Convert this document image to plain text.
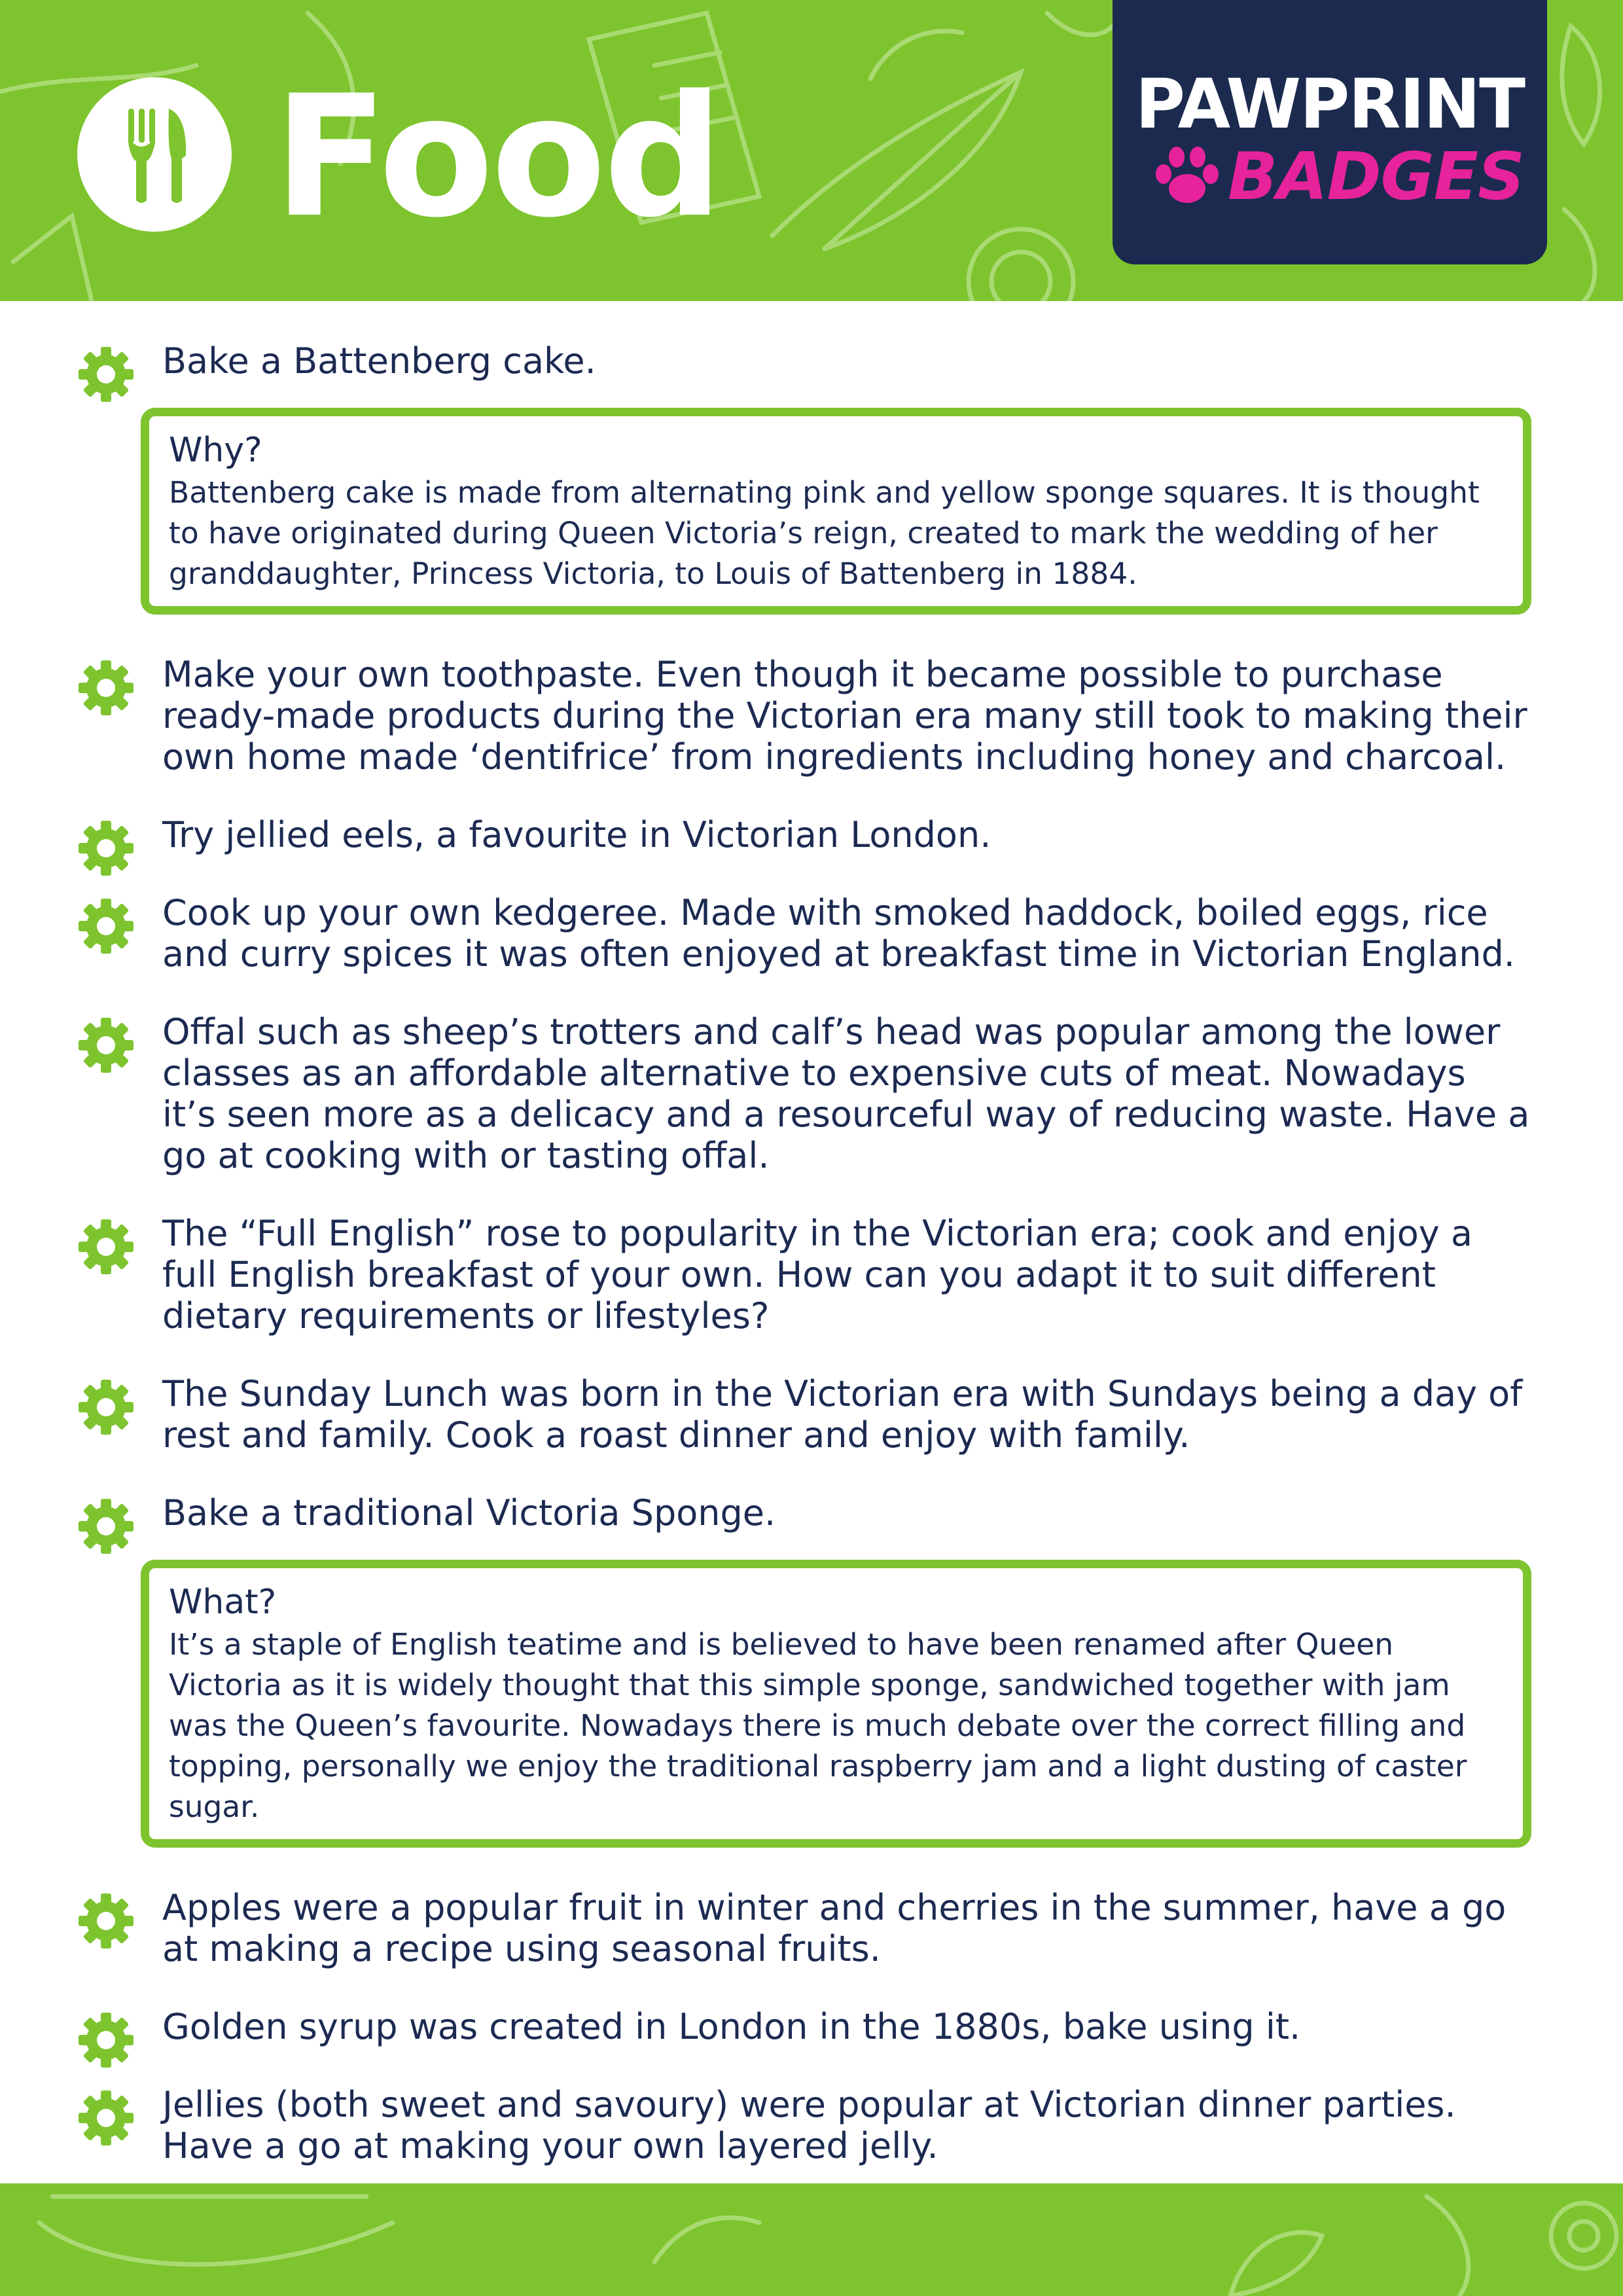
Food	PAWPRINT
BADGES

Bake a Battenberg cake.

Why?

Battenberg cake is made from alternating pink and yellow sponge squares. It is thought to have originated during Queen Victoria’s reign, created to mark the wedding of her granddaughter, Princess Victoria, to Louis of Battenberg in 1884.

Make your own toothpaste. Even though it became possible to purchase ready-made products during the Victorian era many still took to making their own home made ‘dentifrice’ from ingredients including honey and charcoal.

Try jellied eels, a favourite in Victorian London.

Cook up your own kedgeree. Made with smoked haddock, boiled eggs, rice and curry spices it was often enjoyed at breakfast time in Victorian England.

Offal such as sheep’s trotters and calf’s head was popular among the lower classes as an affordable alternative to expensive cuts of meat. Nowadays it’s seen more as a delicacy and a resourceful way of reducing waste. Have a go at cooking with or tasting offal.

The “Full English” rose to popularity in the Victorian era; cook and enjoy a full English breakfast of your own. How can you adapt it to suit different dietary requirements or lifestyles?

The Sunday Lunch was born in the Victorian era with Sundays being a day of rest and family. Cook a roast dinner and enjoy with family.

Bake a traditional Victoria Sponge.

What?

It’s a staple of English teatime and is believed to have been renamed after Queen Victoria as it is widely thought that this simple sponge, sandwiched together with jam was the Queen’s favourite. Nowadays there is much debate over the correct filling and topping, personally we enjoy the traditional raspberry jam and a light dusting of caster sugar.

Apples were a popular fruit in winter and cherries in the summer, have a go at making a recipe using seasonal fruits.

Golden syrup was created in London in the 1880s, bake using it.

Jellies (both sweet and savoury) were popular at Victorian dinner parties. Have a go at making your own layered jelly.
